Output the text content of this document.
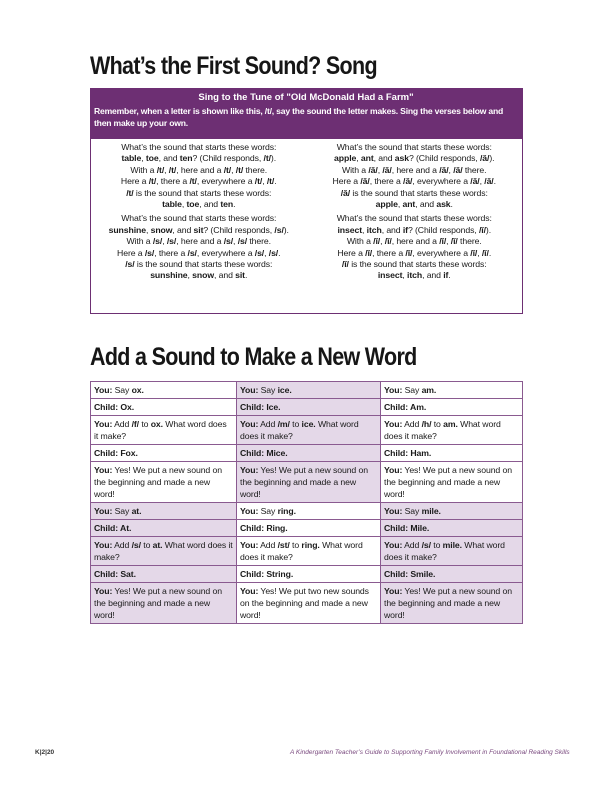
What’s the First Sound? Song
Sing to the Tune of "Old McDonald Had a Farm"
Remember, when a letter is shown like this, /t/, say the sound the letter makes. Sing the verses below and then make up your own.
What’s the sound that starts these words:
table, toe, and ten? (Child responds, /t/).
With a /t/, /t/, here and a /t/, /t/ there.
Here a /t/, there a /t/, everywhere a /t/, /t/.
/t/ is the sound that starts these words:
table, toe, and ten.
What’s the sound that starts these words:
apple, ant, and ask? (Child responds, /ă/).
With a /ă/, /ă/, here and a /ă/, /ă/ there.
Here a /ă/, there a /ă/, everywhere a /ă/, /ă/.
/ă/ is the sound that starts these words:
apple, ant, and ask.
What’s the sound that starts these words:
sunshine, snow, and sit? (Child responds, /s/).
With a /s/, /s/, here and a /s/, /s/ there.
Here a /s/, there a /s/, everywhere a /s/, /s/.
/s/ is the sound that starts these words:
sunshine, snow, and sit.
What’s the sound that starts these words:
insect, itch, and if? (Child responds, /ĭ/).
With a /ĭ/, /ĭ/, here and a /ĭ/, /ĭ/ there.
Here a /ĭ/, there a /ĭ/, everywhere a /ĭ/, /ĭ/.
/ĭ/ is the sound that starts these words:
insect, itch, and if.
Add a Sound to Make a New Word
You: Say ox.
Child: Ox.
You: Add /f/ to ox. What word does it make?
Child: Fox.
You: Yes! We put a new sound on the beginning and made a new word!
You: Say at.
Child: At.
You: Add /s/ to at. What word does it make?
Child: Sat.
You: Yes! We put a new sound on the beginning and made a new word!
You: Say ice.
Child: Ice.
You: Add /m/ to ice. What word does it make?
Child: Mice.
You: Yes! We put a new sound on the beginning and made a new word!
You: Say ring.
Child: Ring.
You: Add /st/ to ring. What word does it make?
Child: String.
You: Yes! We put two new sounds on the beginning and made a new word!
You: Say am.
Child: Am.
You: Add /h/ to am. What word does it make?
Child: Ham.
You: Yes! We put a new sound on the beginning and made a new word!
You: Say mile.
Child: Mile.
You: Add /s/ to mile. What word does it make?
Child: Smile.
You: Yes! We put a new sound on the beginning and made a new word!
K|2|20	A Kindergarten Teacher’s Guide to Supporting Family Involvement in Foundational Reading Skills
